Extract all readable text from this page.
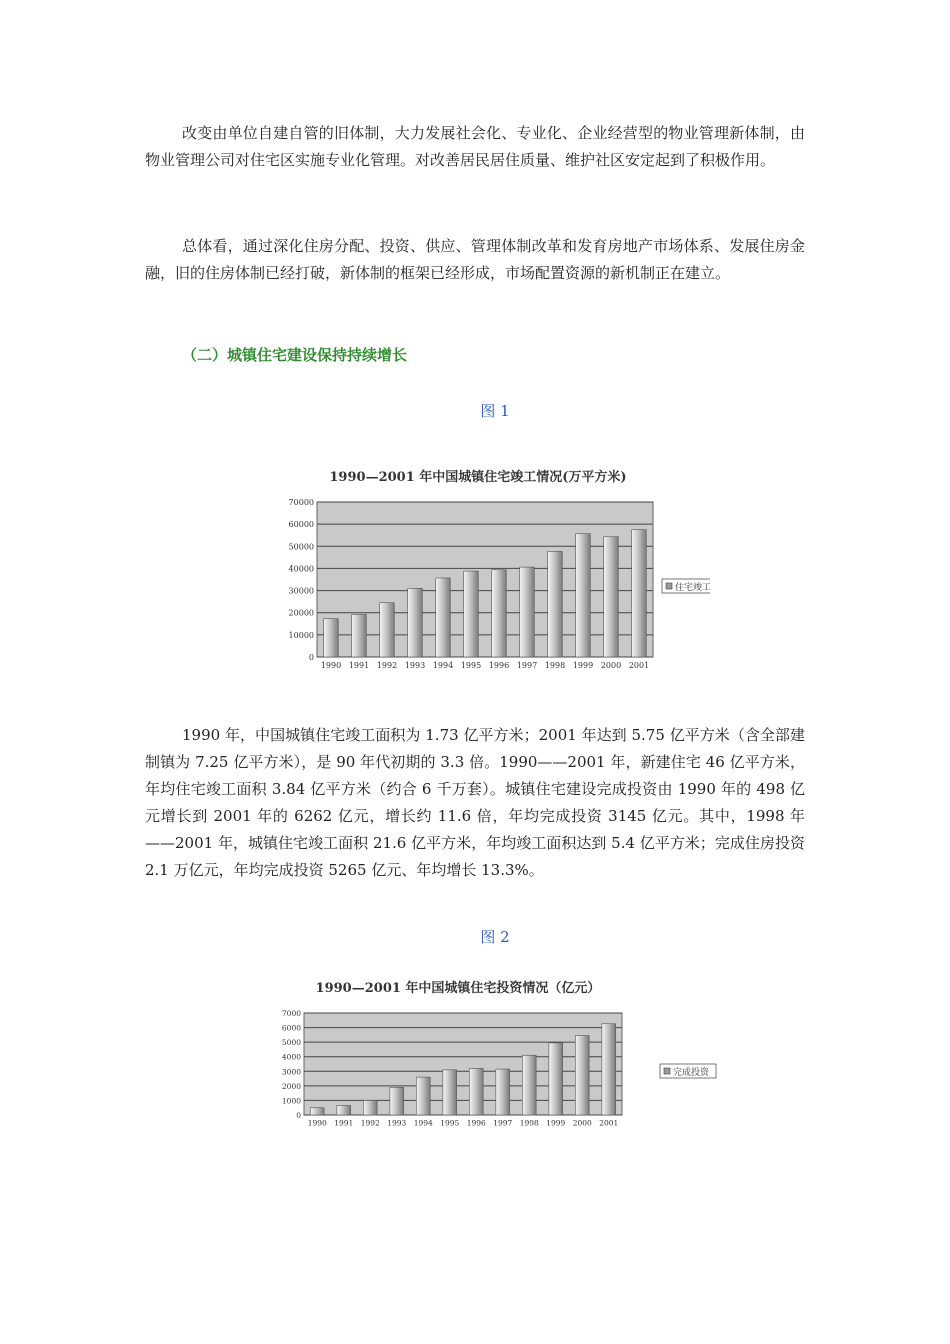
改变由单位自建自管的旧体制，大力发展社会化、专业化、企业经营型的物业管理新体制，由物业管理公司对住宅区实施专业化管理。对改善居民居住质量、维护社区安定起到了积极作用。

总体看，通过深化住房分配、投资、供应、管理体制改革和发育房地产市场体系、发展住房金融，旧的住房体制已经打破，新体制的框架已经形成，市场配置资源的新机制正在建立。

（二）城镇住宅建设保持持续增长

图 1

1990—2001 年中国城镇住宅竣工情况(万平方米)
0
10000
20000
30000
40000
50000
60000
70000
1990 1991 1992 1993 1994 1995 1996 1997 1998 1999 2000 2001
住宅竣工

1990 年，中国城镇住宅竣工面积为 1.73 亿平方米；2001 年达到 5.75 亿平方米（含全部建制镇为 7.25 亿平方米），是 90 年代初期的 3.3 倍。1990——2001 年，新建住宅 46 亿平方米，年均住宅竣工面积 3.84 亿平方米（约合 6 千万套）。城镇住宅建设完成投资由 1990 年的 498 亿元增长到 2001 年的 6262 亿元，增长约 11.6 倍，年均完成投资 3145 亿元。其中，1998 年——2001 年，城镇住宅竣工面积 21.6 亿平方米，年均竣工面积达到 5.4 亿平方米；完成住房投资 2.1 万亿元，年均完成投资 5265 亿元、年均增长 13.3%。

图 2

1990—2001 年中国城镇住宅投资情况（亿元）
0
1000
2000
3000
4000
5000
6000
7000
1990 1991 1992 1993 1994 1995 1996 1997 1998 1999 2000 2001
完成投资
